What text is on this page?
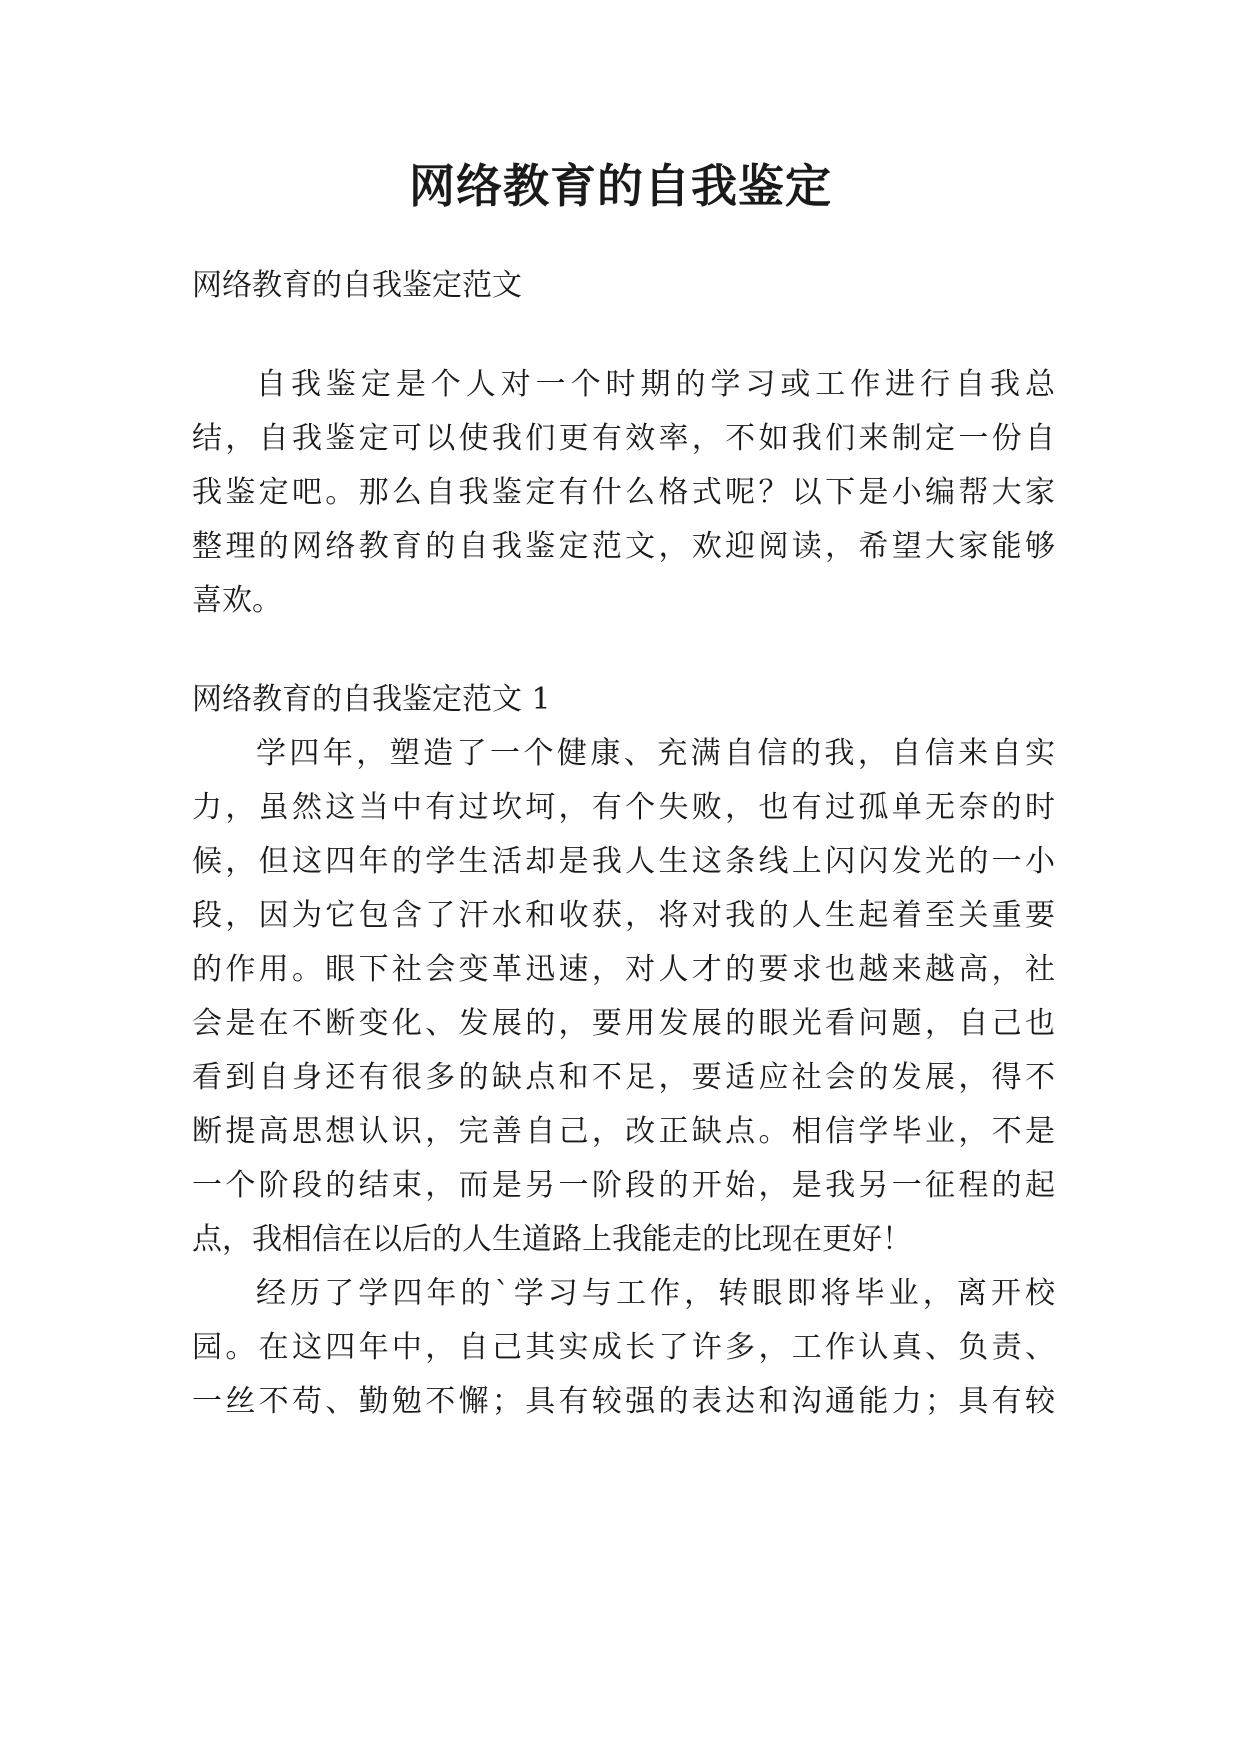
网络教育的自我鉴定
网络教育的自我鉴定范文
自我鉴定是个人对一个时期的学习或工作进行自我总
结，自我鉴定可以使我们更有效率，不如我们来制定一份自
我鉴定吧。那么自我鉴定有什么格式呢？以下是小编帮大家
整理的网络教育的自我鉴定范文，欢迎阅读，希望大家能够
喜欢。
网络教育的自我鉴定范文 1
学四年，塑造了一个健康、充满自信的我，自信来自实
力，虽然这当中有过坎坷，有个失败，也有过孤单无奈的时
候，但这四年的学生活却是我人生这条线上闪闪发光的一小
段，因为它包含了汗水和收获，将对我的人生起着至关重要
的作用。眼下社会变革迅速，对人才的要求也越来越高，社
会是在不断变化、发展的，要用发展的眼光看问题，自己也
看到自身还有很多的缺点和不足，要适应社会的发展，得不
断提高思想认识，完善自己，改正缺点。相信学毕业，不是
一个阶段的结束，而是另一阶段的开始，是我另一征程的起
点，我相信在以后的人生道路上我能走的比现在更好！
经历了学四年的`学习与工作，转眼即将毕业，离开校
园。在这四年中，自己其实成长了许多，工作认真、负责、
一丝不苟、勤勉不懈；具有较强的表达和沟通能力；具有较
